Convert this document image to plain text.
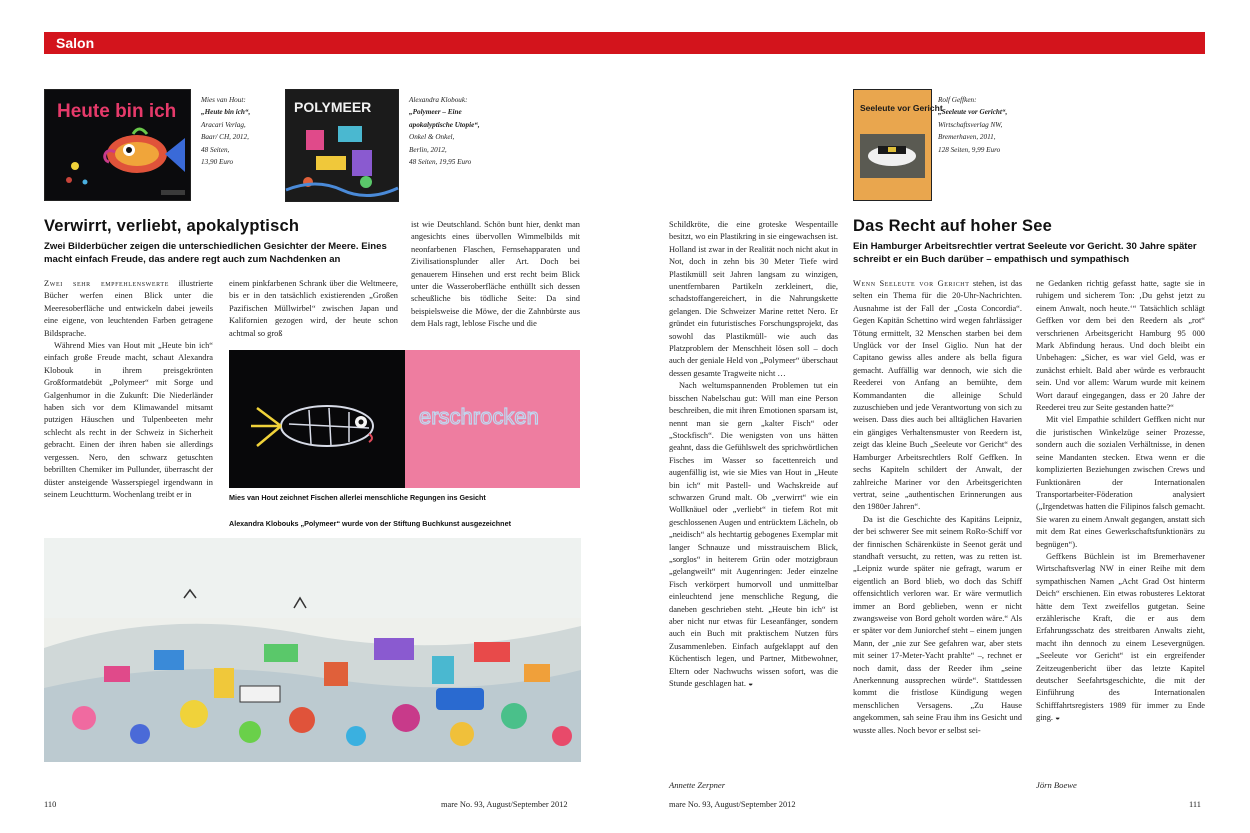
Salon
Heute bin ich
Mies van Hout:
„Heute bin ich“,
Aracari Verlag,
Baar/ CH, 2012,
48 Seiten,
13,90 Euro
POLYMEER	Alexandra Klobouk:
„Polymeer – Eine
apokalyptische Utopie“,
Onkel & Onkel,
Berlin, 2012,
48 Seiten, 19,95 Euro
Verwirrt, verliebt, apokalyptisch
Zwei Bilderbücher zeigen die unterschiedlichen Gesichter der Meere. Eines macht einfach Freude, das andere regt auch zum Nachdenken an

Zwei sehr empfehlenswerte illustrierte Bücher werfen einen Blick unter die Meeresoberfläche und entwickeln dabei jeweils eine eigene, von leuchtenden Farben getragene Bildsprache.

Während Mies van Hout mit „Heute bin ich“ einfach große Freude macht, schaut Alexandra Klobouk in ihrem preisgekrönten Großformatdebüt „Polymeer“ mit Sorge und Galgenhumor in die Zukunft: Die Niederländer haben sich vor dem Klimawandel mitsamt putzigen Häuschen und Tulpenbeeten mehr schlecht als recht in der Schweiz in Sicherheit gebracht. Einen der ihren haben sie allerdings vergessen. Nero, den schwarz getuschten bebrillten Chemiker im Pullunder, überrascht der düster ansteigende Wasserspiegel irgendwann in seinem Leuchtturm. Wochenlang treibt er in

einem pinkfarbenen Schrank über die Weltmeere, bis er in den tatsächlich existierenden „Großen Pazifischen Müllwirbel“ zwischen Japan und Kalifornien gezogen wird, der heute schon achtmal so groß

ist wie Deutschland. Schön bunt hier, denkt man angesichts eines übervollen Wimmelbilds mit neonfarbenen Flaschen, Fernsehapparaten und Zivilisationsplunder aller Art. Doch bei genauerem Hinsehen und erst recht beim Blick unter die Wasseroberfläche enthüllt sich dessen scheußliche bis tödliche Seite: Da sind beispielsweise die Möwe, der die Zahnbürste aus dem Hals ragt, leblose Fische und die

erschrocken
Mies van Hout zeichnet Fischen allerlei menschliche Regungen ins Gesicht
Alexandra Klobouks „Polymeer“ wurde von der Stiftung Buchkunst ausgezeichnet
110	mare No. 93, August/September 2012

Schildkröte, die eine groteske Wespentaille besitzt, wo ein Plastikring in sie eingewachsen ist. Holland ist zwar in der Realität noch nicht akut in Not, doch in zehn bis 30 Meter Tiefe wird Plastikmüll seit Jahren langsam zu winzigen, unentfernbaren Partikeln zerkleinert, die, schadstoffangereichert, in die Nahrungskette gelangen. Die Schweizer Marine rettet Nero. Er gründet ein futuristisches Forschungsprojekt, das sowohl das Plastikmüll- wie auch das Platzproblem der Menschheit lösen soll – doch auch der geniale Held von „Polymeer“ überschaut dessen gesamte Tragweite nicht …

Nach weltumspannenden Problemen tut ein bisschen Nabelschau gut: Will man eine Person beschreiben, die mit ihren Emotionen sparsam ist, nennt man sie gern „kalter Fisch“ oder „Stockfisch“. Die wenigsten von uns hätten geahnt, dass die Gefühlswelt des sprichwörtlichen Fisches im Wasser so facettenreich und augenfällig ist, wie sie Mies van Hout in „Heute bin ich“ mit Pastell- und Wachskreide auf schwarzen Grund malt. Ob „verwirrt“ wie ein Wollknäuel oder „verliebt“ in tiefem Rot mit geschlossenen Augen und entrücktem Lächeln, ob „neidisch“ als hechtartig gebogenes Exemplar mit langer Schnauze und misstrauischem Blick, „sorglos“ in heiterem Grün oder motzigbraun „gelangweilt“ mit Augenringen: Jeder einzelne Fisch verkörpert humorvoll und unmittelbar einleuchtend jene menschliche Regung, die daneben geschrieben steht. „Heute bin ich“ ist aber nicht nur etwas für Leseanfänger, sondern auch ein Buch mit praktischem Nutzen fürs Zusammenleben. Einfach aufgeklappt auf den Küchentisch legen, und Partner, Mitbewohner, Eltern oder Nachwuchs wissen sofort, was die Stunde geschlagen hat. ◒

Annette Zerpner
Seeleute vor Gericht
Rolf Geffken:
„Seeleute vor Gericht“,
Wirtschaftsverlag NW,
Bremerhaven, 2011,
128 Seiten, 9,99 Euro
Das Recht auf hoher See
Ein Hamburger Arbeitsrechtler vertrat Seeleute vor Gericht. 30 Jahre später schreibt er ein Buch darüber – empathisch und sympathisch

Wenn Seeleute vor Gericht stehen, ist das selten ein Thema für die 20-Uhr-Nachrichten. Ausnahme ist der Fall der „Costa Concordia“. Gegen Kapitän Schettino wird wegen fahrlässiger Tötung ermittelt, 32 Menschen starben bei dem Unglück vor der Insel Giglio. Nun hat der Capitano gewiss alles andere als bella figura gemacht. Auffällig war dennoch, wie sich die Reederei von Anfang an bemühte, dem Kommandanten die alleinige Schuld zuzuschieben und jede Verantwortung von sich zu weisen. Dass dies auch bei alltäglichen Havarien ein gängiges Verhaltensmuster von Reedern ist, zeigt das kleine Buch „Seeleute vor Gericht“ des Hamburger Arbeitsrechtlers Rolf Geffken. In sechs Kapiteln schildert der Anwalt, der zahlreiche Mariner vor den Arbeitsgerichten vertrat, seine „authentischen Erinnerungen aus den 1980er Jahren“.

Da ist die Geschichte des Kapitäns Leipniz, der bei schwerer See mit seinem RoRo-Schiff vor der finnischen Schärenküste in Seenot gerät und standhaft versucht, zu retten, was zu retten ist. „Leipniz wurde später nie gefragt, warum er eigentlich an Bord blieb, wo doch das Schiff offensichtlich verloren war. Er wäre vermutlich immer an Bord geblieben, wenn er nicht zwangsweise von Bord geholt worden wäre.“ Als er später vor dem Juniorchef steht – einem jungen Mann, der „nie zur See gefahren war, aber stets mit seiner 17-Meter-Yacht prahlte“ –, rechnet er noch damit, dass der Reeder ihm „seine Anerkennung aussprechen würde“. Stattdessen kommt die fristlose Kündigung wegen menschlichen Versagens. „Zu Hause angekommen, sah seine Frau ihm ins Gesicht und wusste alles. Noch bevor er selbst sei-

ne Gedanken richtig gefasst hatte, sagte sie in ruhigem und sicherem Ton: ‚Du gehst jetzt zu einem Anwalt, noch heute.‘“ Tatsächlich schlägt Geffken vor dem bei den Reedern als „rot“ verschrienen Arbeitsgericht Hamburg 95 000 Mark Abfindung heraus. Und doch bleibt ein Unbehagen: „Sicher, es war viel Geld, was er zunächst erhielt. Bald aber würde es verbraucht sein. Und vor allem: Warum wurde mit keinem Wort darauf eingegangen, dass er 20 Jahre der Reederei treu zur Seite gestanden hatte?“

Mit viel Empathie schildert Geffken nicht nur die juristischen Winkelzüge seiner Prozesse, sondern auch die sozialen Verhältnisse, in denen seine Mandanten stecken. Etwa wenn er die komplizierten Beziehungen zwischen Crews und Funktionären der Internationalen Transportarbeiter-Föderation analysiert („Irgendetwas hatten die Filipinos falsch gemacht. Sie waren zu einem Anwalt gegangen, anstatt sich mit dem Rat eines Gewerkschaftsfunktionärs zu begnügen“).

Geffkens Büchlein ist im Bremerhavener Wirtschaftsverlag NW in einer Reihe mit dem sympathischen Namen „Acht Grad Ost hinterm Deich“ erschienen. Ein etwas robusteres Lektorat hätte dem Text zweifellos gutgetan. Seine erzählerische Kraft, die er aus dem Erfahrungsschatz des streitbaren Anwalts zieht, macht ihn dennoch zu einem Lesevergnügen. „Seeleute vor Gericht“ ist ein ergreifender Zeitzeugenbericht über das letzte Kapitel deutscher Seefahrtsgeschichte, die mit der Einführung des Internationalen Schifffahrtsregisters 1989 für immer zu Ende ging. ◒

Jörn Boewe
mare No. 93, August/September 2012	111
